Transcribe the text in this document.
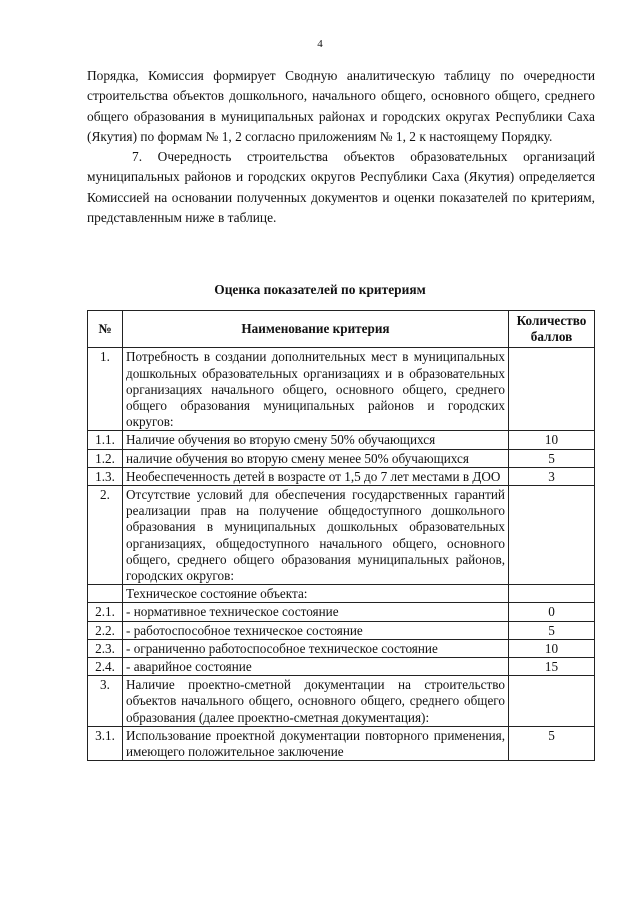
4

Порядка, Комиссия формирует Сводную аналитическую таблицу по очередности строительства объектов дошкольного, начального общего, основного общего, среднего общего образования в муниципальных районах и городских округах Республики Саха (Якутия) по формам № 1, 2 согласно приложениям № 1, 2 к настоящему Порядку.

7. Очередность строительства объектов образовательных организаций муниципальных районов и городских округов Республики Саха (Якутия) определяется Комиссией на основании полученных документов и оценки показателей по критериям, представленным ниже в таблице.

Оценка показателей по критериям
№	Наименование критерия	Количество баллов
1.	Потребность в создании дополнительных мест в муниципальных дошкольных образовательных организациях и в образовательных организациях начального общего, основного общего, среднего общего образования муниципальных районов и городских округов:	
1.1.	Наличие обучения во вторую смену 50% обучающихся	10
1.2.	наличие обучения во вторую смену менее 50% обучающихся	5
1.3.	Необеспеченность детей в возрасте от 1,5 до 7 лет местами в ДОО	3
2.	Отсутствие условий для обеспечения государственных гарантий реализации прав на получение общедоступного дошкольного образования в муниципальных дошкольных образовательных организациях, общедоступного начального общего, основного общего, среднего общего образования муниципальных районов, городских округов:	
	Техническое состояние объекта:	
2.1.	- нормативное техническое состояние	0
2.2.	- работоспособное техническое состояние	5
2.3.	- ограниченно работоспособное техническое состояние	10
2.4.	- аварийное состояние	15
3.	Наличие проектно-сметной документации на строительство объектов начального общего, основного общего, среднего общего образования (далее проектно-сметная документация):	
3.1.	Использование проектной документации повторного применения, имеющего положительное заключение	5
